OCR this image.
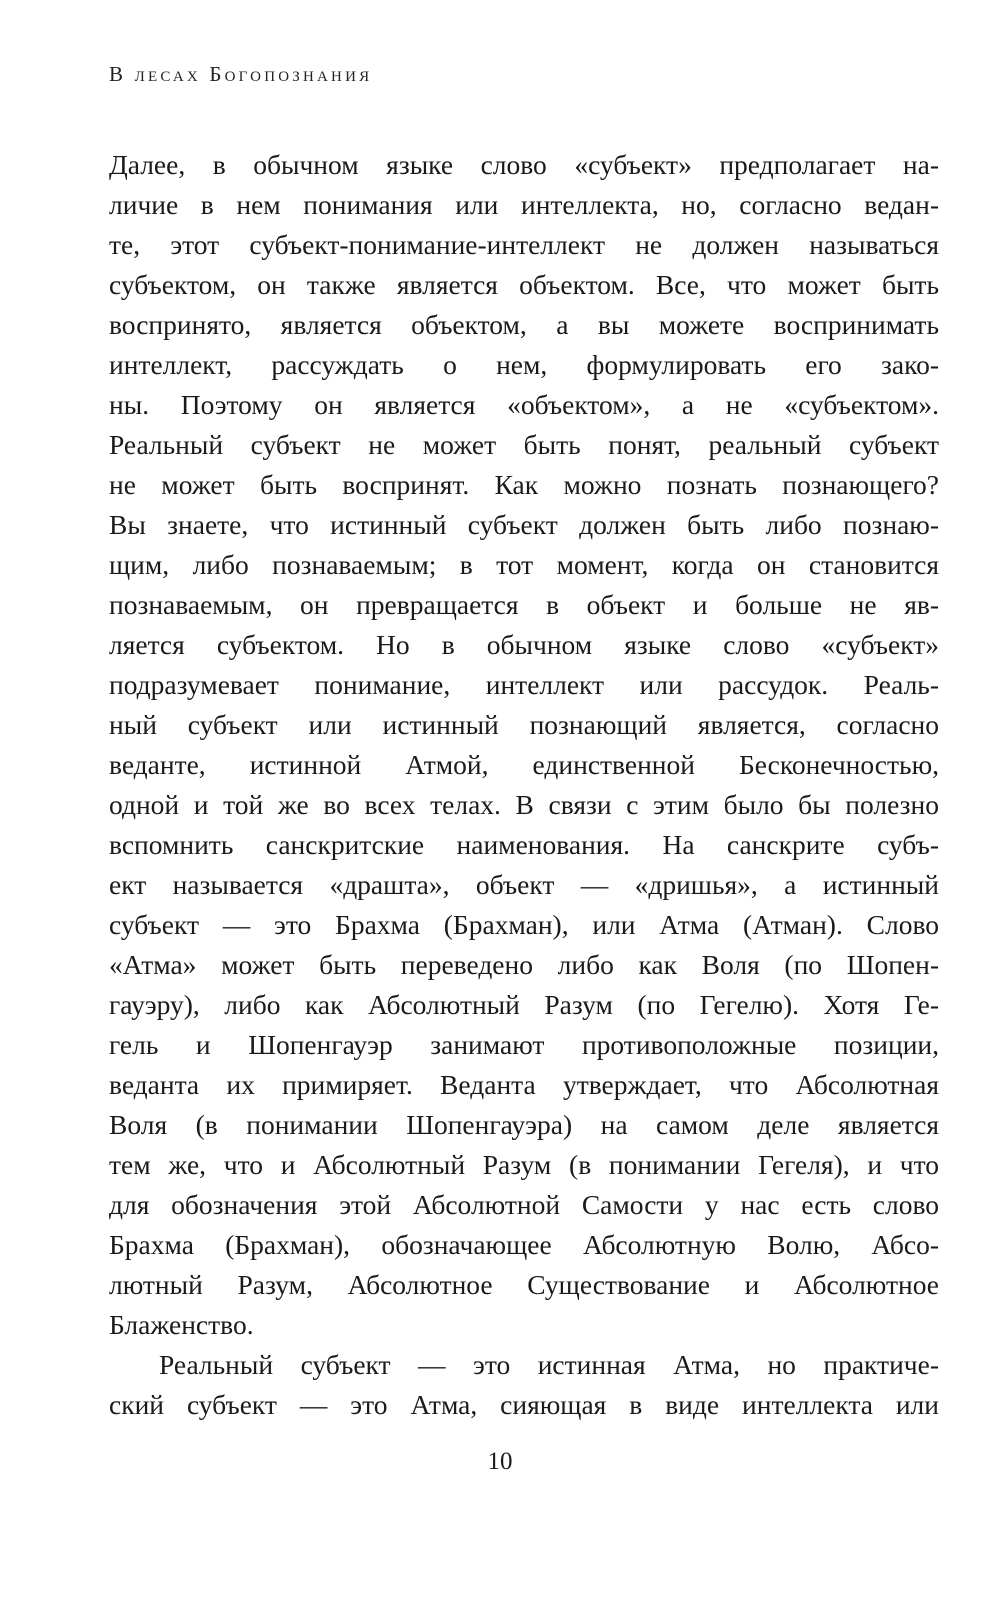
В лесах Богопознания
Далее, в обычном языке слово «субъект» предполагает на-
личие в нем понимания или интеллекта, но, согласно ведан-
те, этот субъект-понимание-интеллект не должен называться
субъектом, он также является объектом. Все, что может быть
воспринято, является объектом, а вы можете воспринимать
интеллект, рассуждать о нем, формулировать его зако-
ны. Поэтому он является «объектом», а не «субъектом».
Реальный субъект не может быть понят, реальный субъект
не может быть воспринят. Как можно познать познающего?
Вы знаете, что истинный субъект должен быть либо познаю-
щим, либо познаваемым; в тот момент, когда он становится
познаваемым, он превращается в объект и больше не яв-
ляется субъектом. Но в обычном языке слово «субъект»
подразумевает понимание, интеллект или рассудок. Реаль-
ный субъект или истинный познающий является, согласно
веданте, истинной Атмой, единственной Бесконечностью,
одной и той же во всех телах. В связи с этим было бы полезно
вспомнить санскритские наименования. На санскрите субъ-
ект называется «драшта», объект — «дришья», а истинный
субъект — это Брахма (Брахман), или Атма (Атман). Слово
«Атма» может быть переведено либо как Воля (по Шопен-
гауэру), либо как Абсолютный Разум (по Гегелю). Хотя Ге-
гель и Шопенгауэр занимают противоположные позиции,
веданта их примиряет. Веданта утверждает, что Абсолютная
Воля (в понимании Шопенгауэра) на самом деле является
тем же, что и Абсолютный Разум (в понимании Гегеля), и что
для обозначения этой Абсолютной Самости у нас есть слово
Брахма (Брахман), обозначающее Абсолютную Волю, Абсо-
лютный Разум, Абсолютное Существование и Абсолютное
Блаженство.
Реальный субъект — это истинная Атма, но практиче-
ский субъект — это Атма, сияющая в виде интеллекта или
10
